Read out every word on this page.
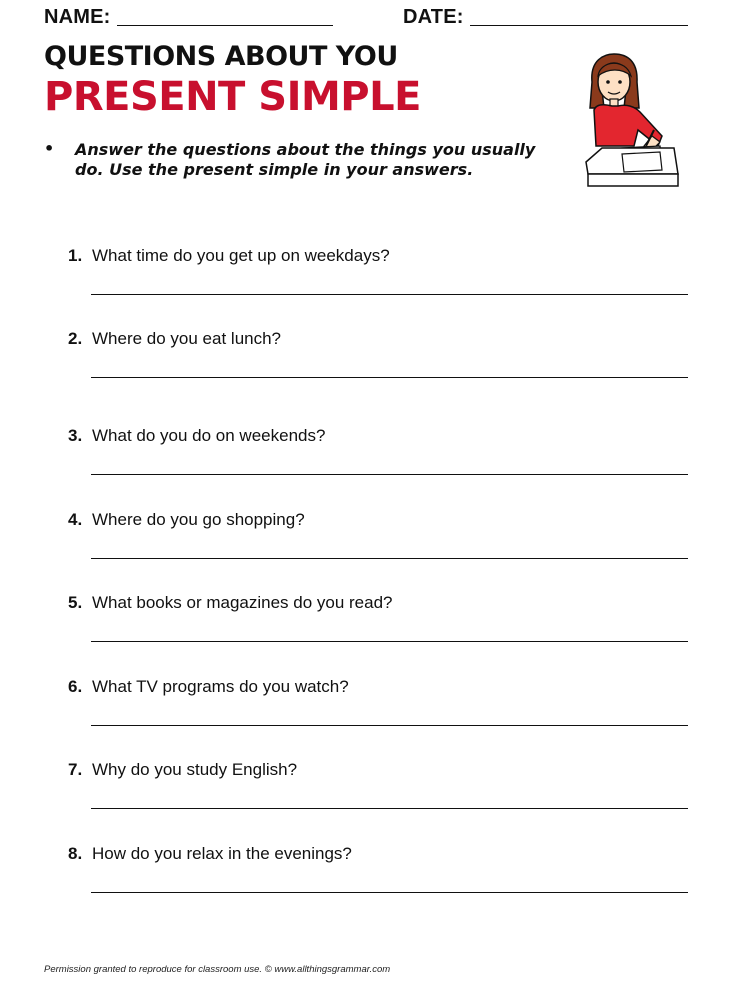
NAME:	DATE:
QUESTIONS ABOUT YOU
PRESENT SIMPLE
• Answer the questions about the things you usually do. Use the present simple in your answers.
1. What time do you get up on weekdays?
2. Where do you eat lunch?
3. What do you do on weekends?
4. Where do you go shopping?
5. What books or magazines do you read?
6. What TV programs do you watch?
7. Why do you study English?
8. How do you relax in the evenings?
Permission granted to reproduce for classroom use. © www.allthingsgrammar.com
